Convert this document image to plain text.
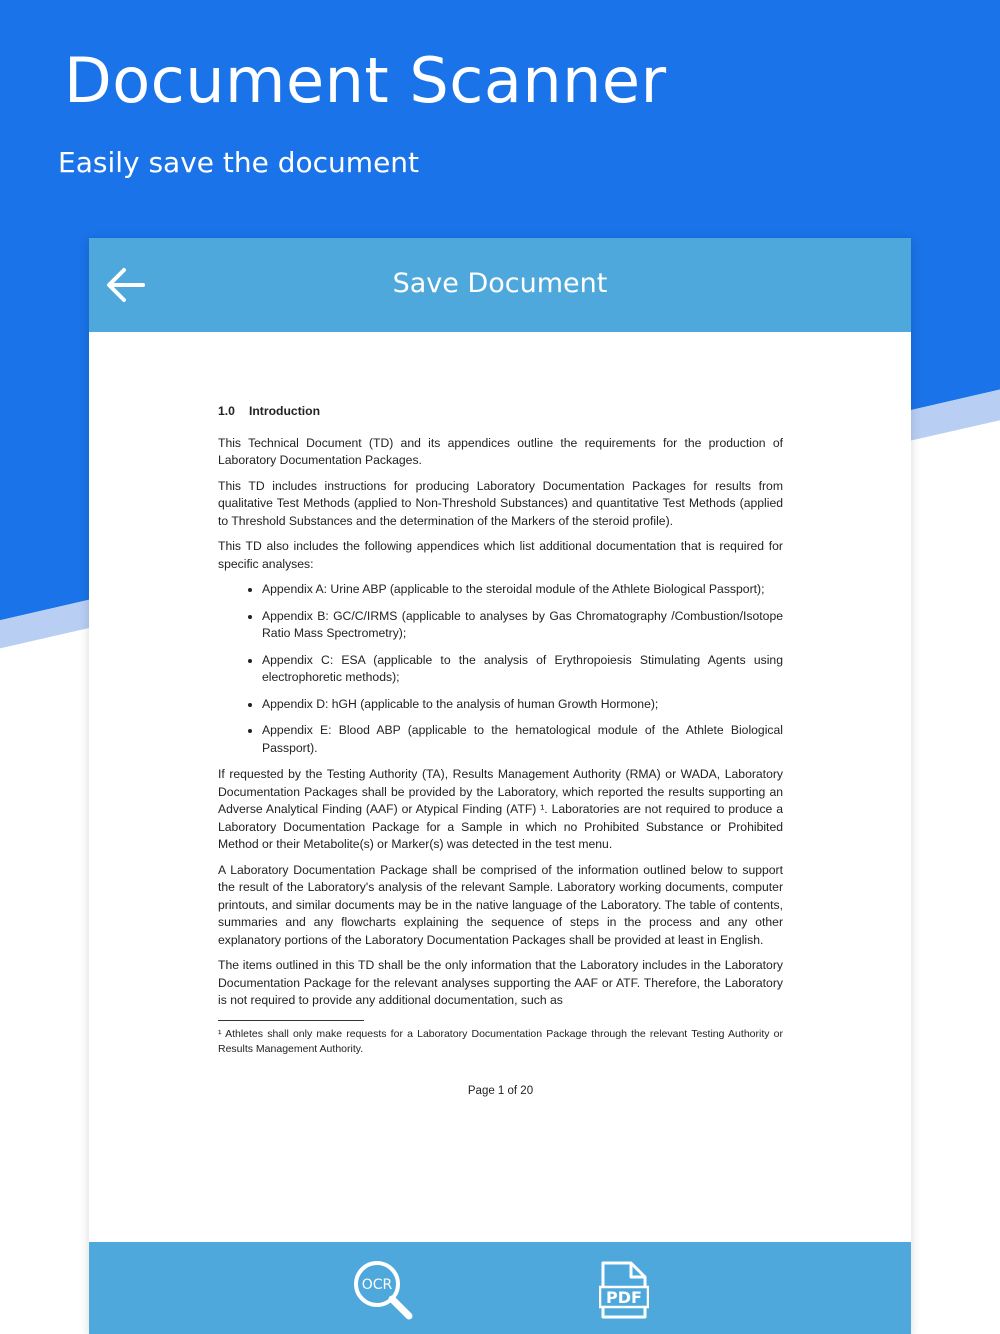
Document Scanner

Easily save the document

Save Document

1.0 Introduction

This Technical Document (TD) and its appendices outline the requirements for the production of Laboratory Documentation Packages.

This TD includes instructions for producing Laboratory Documentation Packages for results from qualitative Test Methods (applied to Non-Threshold Substances) and quantitative Test Methods (applied to Threshold Substances and the determination of the Markers of the steroid profile).

This TD also includes the following appendices which list additional documentation that is required for specific analyses:

• Appendix A: Urine ABP (applicable to the steroidal module of the Athlete Biological Passport);
• Appendix B: GC/C/IRMS (applicable to analyses by Gas Chromatography /Combustion/Isotope Ratio Mass Spectrometry);
• Appendix C: ESA (applicable to the analysis of Erythropoiesis Stimulating Agents using electrophoretic methods);
• Appendix D: hGH (applicable to the analysis of human Growth Hormone);
• Appendix E: Blood ABP (applicable to the hematological module of the Athlete Biological Passport).

If requested by the Testing Authority (TA), Results Management Authority (RMA) or WADA, Laboratory Documentation Packages shall be provided by the Laboratory, which reported the results supporting an Adverse Analytical Finding (AAF) or Atypical Finding (ATF) ¹. Laboratories are not required to produce a Laboratory Documentation Package for a Sample in which no Prohibited Substance or Prohibited Method or their Metabolite(s) or Marker(s) was detected in the test menu.

A Laboratory Documentation Package shall be comprised of the information outlined below to support the result of the Laboratory's analysis of the relevant Sample. Laboratory working documents, computer printouts, and similar documents may be in the native language of the Laboratory. The table of contents, summaries and any flowcharts explaining the sequence of steps in the process and any other explanatory portions of the Laboratory Documentation Packages shall be provided at least in English.

The items outlined in this TD shall be the only information that the Laboratory includes in the Laboratory Documentation Package for the relevant analyses supporting the AAF or ATF. Therefore, the Laboratory is not required to provide any additional documentation, such as

¹ Athletes shall only make requests for a Laboratory Documentation Package through the relevant Testing Authority or Results Management Authority.

Page 1 of 20
OCR
PDF
